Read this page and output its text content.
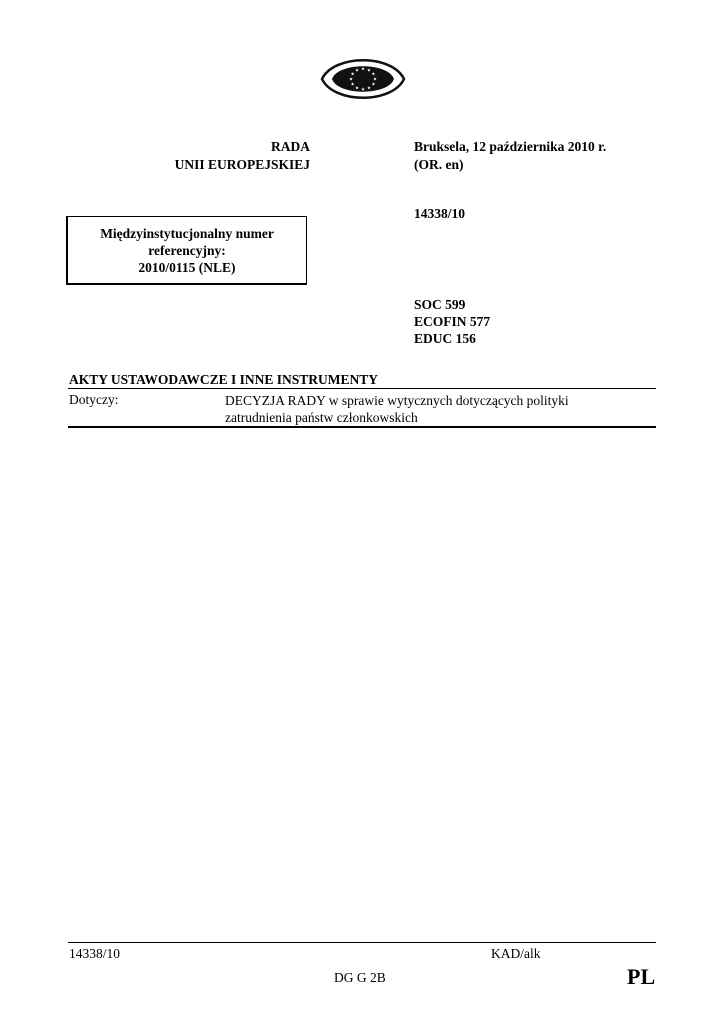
RADA
UNII EUROPEJSKIEJ
Bruksela, 12 października 2010 r.
(OR. en)
14338/10
Międzyinstytucjonalny numer
referencyjny:
2010/0115 (NLE)
SOC 599
ECOFIN 577
EDUC 156
AKTY USTAWODAWCZE I INNE INSTRUMENTY
Dotyczy:	DECYZJA RADY w sprawie wytycznych dotyczących polityki
zatrudnienia państw członkowskich
14338/10	KAD/alk
DG G 2B	PL
